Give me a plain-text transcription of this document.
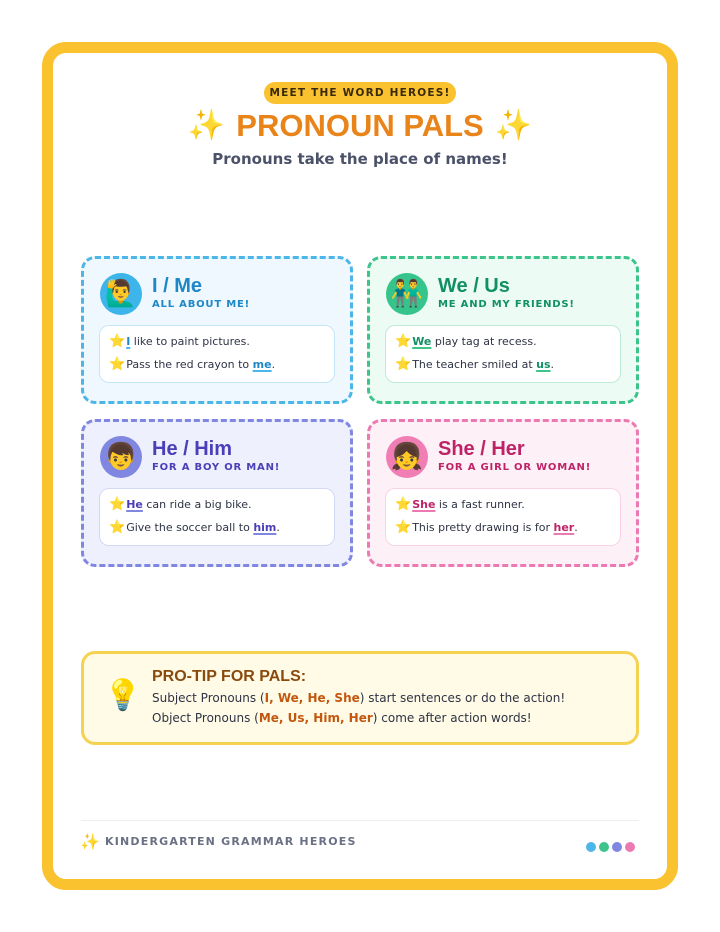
MEET THE WORD HEROES!
✨ PRONOUN PALS ✨
Pronouns take the place of names!
🙋‍♂️ I / Me
ALL ABOUT ME!
⭐I like to paint pictures.
⭐Pass the red crayon to me.
👬 We / Us
ME AND MY FRIENDS!
⭐We play tag at recess.
⭐The teacher smiled at us.
👦 He / Him
FOR A BOY OR MAN!
⭐He can ride a big bike.
⭐Give the soccer ball to him.
👧 She / Her
FOR A GIRL OR WOMAN!
⭐She is a fast runner.
⭐This pretty drawing is for her.
💡
PRO-TIP FOR PALS:
Subject Pronouns (I, We, He, She) start sentences or do the action!
Object Pronouns (Me, Us, Him, Her) come after action words!
✨ KINDERGARTEN GRAMMAR HEROES
